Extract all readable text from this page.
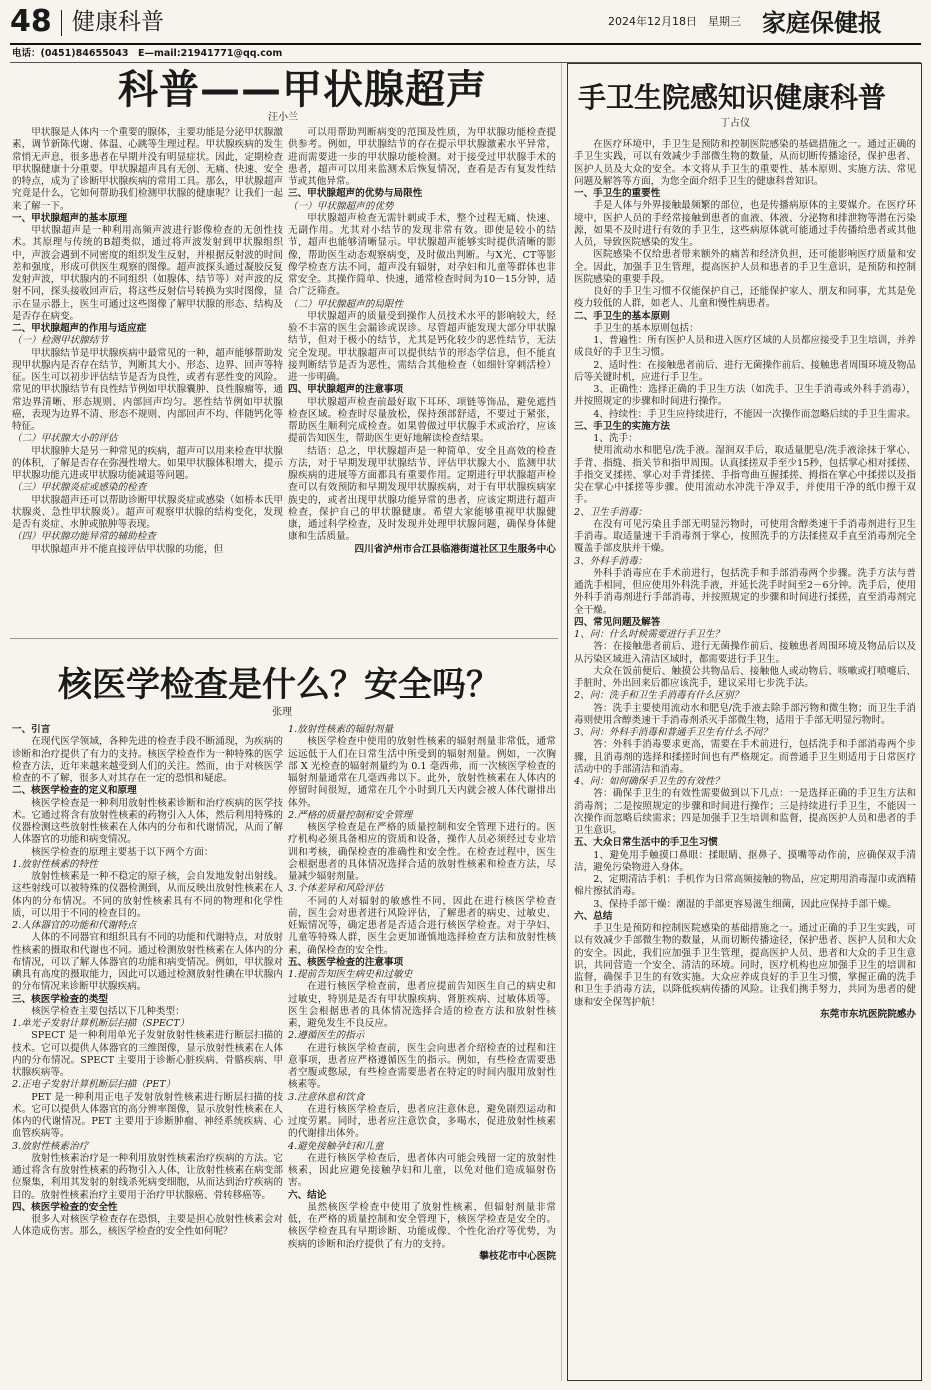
48 健康科普	2024年12月18日　星期三 家庭保健报
电话：(0451)84655043　E—mail:21941771@qq.com
科普——甲状腺超声
汪小兰

甲状腺是人体内一个重要的腺体，主要功能是分泌甲状腺激素，调节新陈代谢、体温、心跳等生理过程。甲状腺疾病的发生常悄无声息，很多患者在早期并没有明显症状。因此，定期检查甲状腺健康十分重要。甲状腺超声具有无创、无痛、快速、安全的特点，成为了诊断甲状腺疾病的常用工具。那么，甲状腺超声究竟是什么，它如何帮助我们检测甲状腺的健康呢？让我们一起来了解一下。

一、甲状腺超声的基本原理

甲状腺超声是一种利用高频声波进行影像检查的无创性技术。其原理与传统的B超类似，通过将声波发射到甲状腺组织中，声波会遇到不同密度的组织发生反射，并根据反射波的时间差和强度，形成可供医生观察的图像。超声波探头通过凝胶反复发射声波，甲状腺内的不同组织（如腺体、结节等）对声波的反射不同，探头接收回声后，将这些反射信号转换为实时图像，显示在显示器上，医生可通过这些图像了解甲状腺的形态、结构及是否存在病变。

二、甲状腺超声的作用与适应症

（一）检测甲状腺结节

甲状腺结节是甲状腺疾病中最常见的一种，超声能够帮助发现甲状腺内是否存在结节，判断其大小、形态、边界、回声等特征。医生可以初步评估结节是否为良性，或者有恶性变的风险。常见的甲状腺结节有良性结节例如甲状腺囊肿、良性腺瘤等，通常边界清晰、形态规则、内部回声均匀。恶性结节例如甲状腺癌，表现为边界不清、形态不规则、内部回声不均、伴随钙化等特征。

（二）甲状腺大小的评估

甲状腺肿大是另一种常见的疾病，超声可以用来检查甲状腺的体积，了解是否存在弥漫性增大。如果甲状腺体积增大，提示甲状腺功能亢进或甲状腺功能减退等问题。

（三）甲状腺炎症或感染的检查

甲状腺超声还可以帮助诊断甲状腺炎症或感染（如桥本氏甲状腺炎、急性甲状腺炎）。超声可观察甲状腺的结构变化，发现是否有炎症、水肿或脓肿等表现。

（四）甲状腺功能异常的辅助检查

甲状腺超声并不能直接评估甲状腺的功能，但

可以用帮助判断病变的范围及性质，为甲状腺功能检查提供参考。例如，甲状腺结节的存在提示甲状腺激素水平异常，进而需要进一步的甲状腺功能检测。对于接受过甲状腺手术的患者，超声可以用来监测术后恢复情况，查看是否有复发性结节或其他异常。

三、甲状腺超声的优势与局限性

（一）甲状腺超声的优势

甲状腺超声检查无需针刺或手术，整个过程无痛、快速、无副作用。尤其对小结节的发现非常有效。即使是较小的结节，超声也能够清晰显示。甲状腺超声能够实时提供清晰的影像，帮助医生动态观察病变，及时做出判断。与X光、CT等影像学检查方法不同，超声没有辐射，对孕妇和儿童等群体也非常安全。其操作简单、快速，通常检查时间为10－15分钟，适合广泛筛查。

（二）甲状腺超声的局限性

甲状腺超声的质量受到操作人员技术水平的影响较大，经验不丰富的医生会漏诊或误诊。尽管超声能发现大部分甲状腺结节，但对于极小的结节，尤其是钙化较少的恶性结节，无法完全发现。甲状腺超声可以提供结节的形态学信息，但不能直接判断结节是否为恶性，需结合其他检查（如细针穿刺活检）进一步明确。

四、甲状腺超声的注意事项

甲状腺超声检查前最好取下耳环、项链等饰品，避免遮挡检查区域。检查时尽量放松，保持颈部舒适，不要过于紧张，帮助医生顺利完成检查。如果曾做过甲状腺手术或治疗，应该提前告知医生，帮助医生更好地解读检查结果。

结语：总之，甲状腺超声是一种简单、安全且高效的检查方法，对于早期发现甲状腺结节、评估甲状腺大小、监测甲状腺疾病的进展等方面都具有重要作用。定期进行甲状腺超声检查可以有效预防和早期发现甲状腺疾病，对于有甲状腺疾病家族史的，或者出现甲状腺功能异常的患者，应该定期进行超声检查，保护自己的甲状腺健康。希望大家能够重视甲状腺健康，通过科学检查，及时发现并处理甲状腺问题，确保身体健康和生活质量。

四川省泸州市合江县临港街道社区卫生服务中心

核医学检查是什么？安全吗？
张理

一、引言

在现代医学领域，各种先进的检查手段不断涌现，为疾病的诊断和治疗提供了有力的支持。核医学检查作为一种特殊的医学检查方法，近年来越来越受到人们的关注。然而，由于对核医学检查的不了解，很多人对其存在一定的恐惧和疑虑。

二、核医学检查的定义和原理

核医学检查是一种利用放射性核素诊断和治疗疾病的医学技术。它通过将含有放射性核素的药物引入人体，然后利用特殊的仪器检测这些放射性核素在人体内的分布和代谢情况，从而了解人体器官的功能和病变情况。

核医学检查的原理主要基于以下两个方面：

1.放射性核素的特性

放射性核素是一种不稳定的原子核，会自发地发射出射线。这些射线可以被特殊的仪器检测到，从而反映出放射性核素在人体内的分布情况。不同的放射性核素具有不同的物理和化学性质，可以用于不同的检查目的。

2.人体器官的功能和代谢特点

人体的不同器官和组织具有不同的功能和代谢特点，对放射性核素的摄取和代谢也不同。通过检测放射性核素在人体内的分布情况，可以了解人体器官的功能和病变情况。例如，甲状腺对碘具有高度的摄取能力，因此可以通过检测放射性碘在甲状腺内的分布情况来诊断甲状腺疾病。

三、核医学检查的类型

核医学检查主要包括以下几种类型：

1.单光子发射计算机断层扫描（SPECT）

SPECT 是一种利用单光子发射放射性核素进行断层扫描的技术。它可以提供人体器官的三维图像，显示放射性核素在人体内的分布情况。SPECT 主要用于诊断心脏疾病、骨骼疾病、甲状腺疾病等。

2.正电子发射计算机断层扫描（PET）

PET 是一种利用正电子发射放射性核素进行断层扫描的技术。它可以提供人体器官的高分辨率图像，显示放射性核素在人体内的代谢情况。PET 主要用于诊断肿瘤、神经系统疾病、心血管疾病等。

3.放射性核素治疗

放射性核素治疗是一种利用放射性核素治疗疾病的方法。它通过将含有放射性核素的药物引入人体，让放射性核素在病变部位聚集，利用其发射的射线杀死病变细胞，从而达到治疗疾病的目的。放射性核素治疗主要用于治疗甲状腺癌、骨转移癌等。

四、核医学检查的安全性

很多人对核医学检查存在恐惧，主要是担心放射性核素会对人体造成伤害。那么，核医学检查的安全性如何呢？

1.放射性核素的辐射剂量

核医学检查中使用的放射性核素的辐射剂量非常低，通常远远低于人们在日常生活中所受到的辐射剂量。例如，一次胸部 X 光检查的辐射剂量约为 0.1 毫西弗，而一次核医学检查的辐射剂量通常在几毫西弗以下。此外，放射性核素在人体内的停留时间很短，通常在几个小时到几天内就会被人体代谢排出体外。

2.严格的质量控制和安全管理

核医学检查是在严格的质量控制和安全管理下进行的。医疗机构必须具备相应的资质和设备，操作人员必须经过专业培训和考核，确保检查的准确性和安全性。在检查过程中，医生会根据患者的具体情况选择合适的放射性核素和检查方法，尽量减少辐射剂量。

3.个体差异和风险评估

不同的人对辐射的敏感性不同，因此在进行核医学检查前，医生会对患者进行风险评估，了解患者的病史、过敏史、妊娠情况等，确定患者是否适合进行核医学检查。对于孕妇、儿童等特殊人群，医生会更加谨慎地选择检查方法和放射性核素，确保检查的安全性。

五、核医学检查的注意事项

1.提前告知医生病史和过敏史

在进行核医学检查前，患者应提前告知医生自己的病史和过敏史，特别是是否有甲状腺疾病、肾脏疾病、过敏体质等。医生会根据患者的具体情况选择合适的检查方法和放射性核素，避免发生不良反应。

2.遵循医生的指示

在进行核医学检查前，医生会向患者介绍检查的过程和注意事项，患者应严格遵循医生的指示。例如，有些检查需要患者空腹或憋尿，有些检查需要患者在特定的时间内服用放射性核素等。

3.注意休息和饮食

在进行核医学检查后，患者应注意休息，避免剧烈运动和过度劳累。同时，患者应注意饮食，多喝水，促进放射性核素的代谢排出体外。

4.避免接触孕妇和儿童

在进行核医学检查后，患者体内可能会残留一定的放射性核素，因此应避免接触孕妇和儿童，以免对他们造成辐射伤害。

六、结论

虽然核医学检查中使用了放射性核素，但辐射剂量非常低，在严格的质量控制和安全管理下，核医学检查是安全的。核医学检查具有早期诊断、功能成像、个性化治疗等优势，为疾病的诊断和治疗提供了有力的支持。

攀枝花市中心医院

手卫生院感知识健康科普
丁占仪

在医疗环境中，手卫生是预防和控制医院感染的基础措施之一。通过正确的手卫生实践，可以有效减少手部微生物的数量，从而切断传播途径，保护患者、医护人员及大众的安全。本文将从手卫生的重要性、基本原则、实施方法、常见问题及解答等方面，为您全面介绍手卫生的健康科普知识。

一、手卫生的重要性

手是人体与外界接触最频繁的部位，也是传播病原体的主要媒介。在医疗环境中，医护人员的手经常接触到患者的血液、体液、分泌物和排泄物等潜在污染源，如果不及时进行有效的手卫生，这些病原体就可能通过手传播给患者或其他人员，导致医院感染的发生。

医院感染不仅给患者带来额外的痛苦和经济负担，还可能影响医疗质量和安全。因此，加强手卫生管理，提高医护人员和患者的手卫生意识，是预防和控制医院感染的重要手段。

良好的手卫生习惯不仅能保护自己，还能保护家人、朋友和同事，尤其是免疫力较低的人群，如老人、儿童和慢性病患者。

二、手卫生的基本原则

手卫生的基本原则包括：

1、普遍性：所有医护人员和进入医疗区域的人员都应接受手卫生培训，并养成良好的手卫生习惯。

2、适时性：在接触患者前后、进行无菌操作前后、接触患者周围环境及物品后等关键时机，应进行手卫生。

3、正确性：选择正确的手卫生方法（如洗手、卫生手消毒或外科手消毒），并按照规定的步骤和时间进行操作。

4、持续性：手卫生应持续进行，不能因一次操作而忽略后续的手卫生需求。

三、手卫生的实施方法

1、洗手：

使用流动水和肥皂/洗手液。湿润双手后，取适量肥皂/洗手液涂抹于掌心、手背、指缝、指关节和指甲周围。认真揉搓双手至少15秒，包括掌心相对揉搓、手指交叉揉搓、掌心对手背揉搓、手指弯曲互握揉搓、拇指在掌心中揉搓以及指尖在掌心中揉搓等步骤。使用流动水冲洗干净双手，并使用干净的纸巾擦干双手。

2、卫生手消毒：

在没有可见污染且手部无明显污物时，可使用含醇类速干手消毒剂进行卫生手消毒。取适量速干手消毒剂于掌心，按照洗手的方法揉搓双手直至消毒剂完全覆盖手部皮肤并干燥。

3、外科手消毒：

外科手消毒应在手术前进行，包括洗手和手部消毒两个步骤。洗手方法与普通洗手相同，但应使用外科洗手液，并延长洗手时间至2－6分钟。洗手后，使用外科手消毒剂进行手部消毒，并按照规定的步骤和时间进行揉搓，直至消毒剂完全干燥。

四、常见问题及解答

1、问：什么时候需要进行手卫生？

答：在接触患者前后、进行无菌操作前后、接触患者周围环境及物品后以及从污染区域进入清洁区域时，都需要进行手卫生。

大众在饭前便后、触摸公共物品后、接触他人或动物后、咳嗽或打喷嚏后、手脏时、外出回来后都应该洗手，建议采用七步洗手法。

2、问：洗手和卫生手消毒有什么区别？

答：洗手主要使用流动水和肥皂/洗手液去除手部污物和微生物；而卫生手消毒则使用含醇类速干手消毒剂杀灭手部微生物，适用于手部无明显污物时。

3、问：外科手消毒和普通手卫生有什么不同？

答：外科手消毒要求更高，需要在手术前进行，包括洗手和手部消毒两个步骤，且消毒剂的选择和揉搓时间也有严格规定。而普通手卫生则适用于日常医疗活动中的手部清洁和消毒。

4、问：如何确保手卫生的有效性？

答：确保手卫生的有效性需要做到以下几点：一是选择正确的手卫生方法和消毒剂；二是按照规定的步骤和时间进行操作；三是持续进行手卫生，不能因一次操作而忽略后续需求；四是加强手卫生培训和监督，提高医护人员和患者的手卫生意识。

五、大众日常生活中的手卫生习惯

1、避免用手触摸口鼻眼：揉眼睛、抠鼻子、摸嘴等动作前，应确保双手清洁，避免污染物进入身体。

2、定期清洁手机：手机作为日常高频接触的物品，应定期用消毒湿巾或酒精棉片擦拭消毒。

3、保持手部干燥：潮湿的手部更容易滋生细菌，因此应保持手部干燥。

六、总结

手卫生是预防和控制医院感染的基础措施之一。通过正确的手卫生实践，可以有效减少手部微生物的数量，从而切断传播途径，保护患者、医护人员和大众的安全。因此，我们应加强手卫生管理，提高医护人员、患者和大众的手卫生意识，共同营造一个安全、清洁的环境。同时，医疗机构也应加强手卫生的培训和监督，确保手卫生的有效实施。大众应养成良好的手卫生习惯，掌握正确的洗手和卫生手消毒方法，以降低疾病传播的风险。让我们携手努力，共同为患者的健康和安全保驾护航！

东莞市东坑医院院感办
